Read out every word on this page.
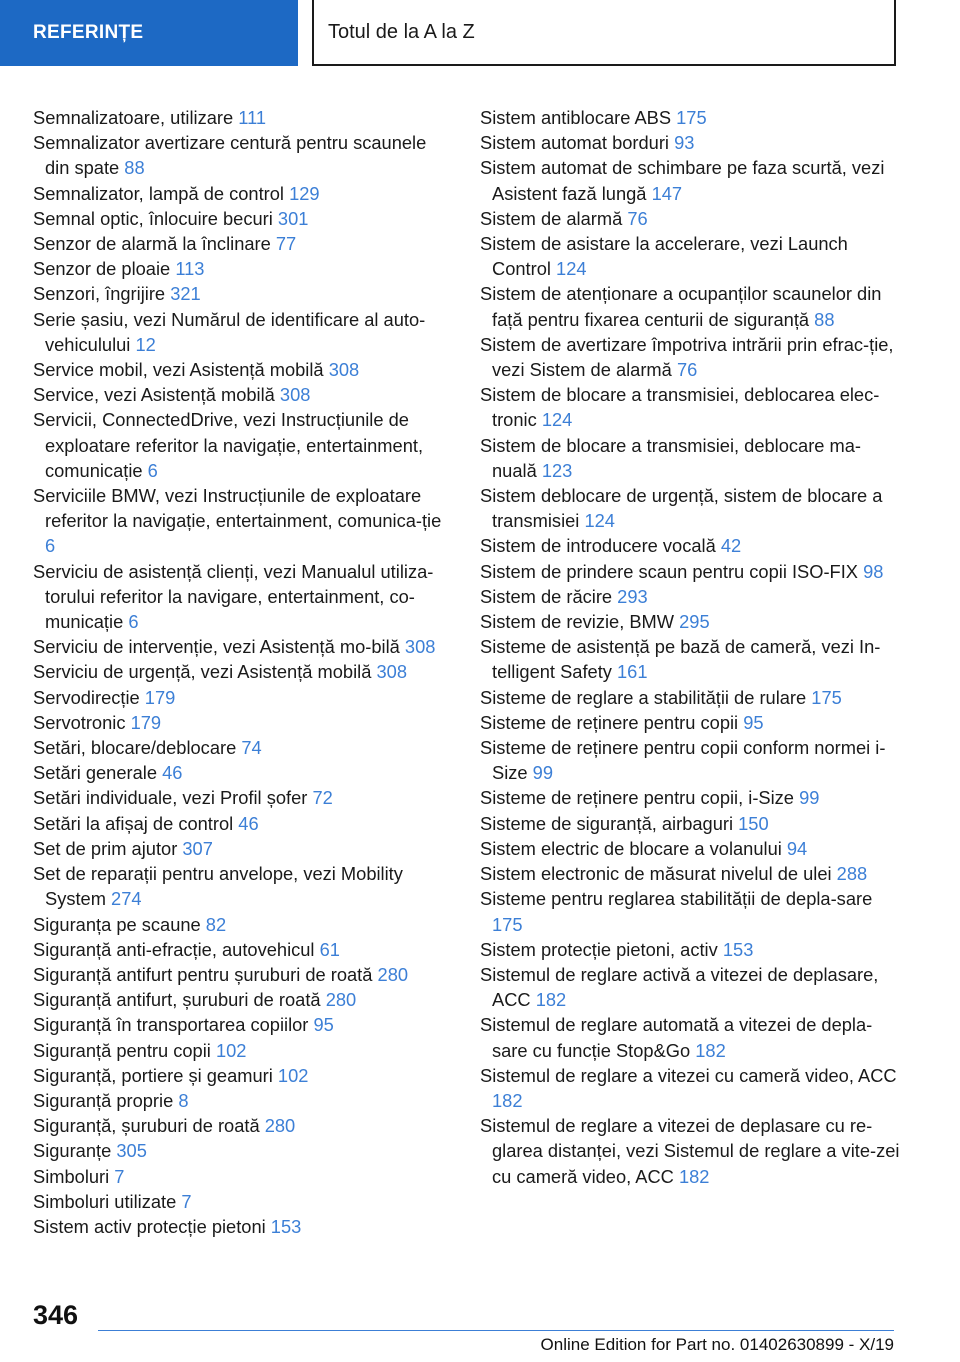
REFERINȚE	Totul de la A la Z

Semnalizatoare, utilizare 111

Semnalizator avertizare centură pentru scaunele din spate 88

Semnalizator, lampă de control 129

Semnal optic, înlocuire becuri 301

Senzor de alarmă la înclinare 77

Senzor de ploaie 113

Senzori, îngrijire 321

Serie șasiu, vezi Numărul de identificare al auto-vehiculului 12

Service mobil, vezi Asistență mobilă 308

Service, vezi Asistență mobilă 308

Servicii, ConnectedDrive, vezi Instrucțiunile de exploatare referitor la navigație, entertainment, comunicație 6

Serviciile BMW, vezi Instrucțiunile de exploatare referitor la navigație, entertainment, comunica-ție 6

Serviciu de asistență clienți, vezi Manualul utiliza-torului referitor la navigare, entertainment, co-municație 6

Serviciu de intervenție, vezi Asistență mo-bilă 308

Serviciu de urgență, vezi Asistență mobilă 308

Servodirecție 179

Servotronic 179

Setări, blocare/deblocare 74

Setări generale 46

Setări individuale, vezi Profil șofer 72

Setări la afișaj de control 46

Set de prim ajutor 307

Set de reparații pentru anvelope, vezi Mobility System 274

Siguranța pe scaune 82

Siguranță anti-efracție, autovehicul 61

Siguranță antifurt pentru șuruburi de roată 280

Siguranță antifurt, șuruburi de roată 280

Siguranță în transportarea copiilor 95

Siguranță pentru copii 102

Siguranță, portiere și geamuri 102

Siguranță proprie 8

Siguranță, șuruburi de roată 280

Siguranțe 305

Simboluri 7

Simboluri utilizate 7

Sistem activ protecție pietoni 153

Sistem antiblocare ABS 175

Sistem automat borduri 93

Sistem automat de schimbare pe faza scurtă, vezi Asistent fază lungă 147

Sistem de alarmă 76

Sistem de asistare la accelerare, vezi Launch Control 124

Sistem de atenționare a ocupanților scaunelor din față pentru fixarea centurii de siguranță 88

Sistem de avertizare împotriva intrării prin efrac-ție, vezi Sistem de alarmă 76

Sistem de blocare a transmisiei, deblocarea elec-tronic 124

Sistem de blocare a transmisiei, deblocare ma-nuală 123

Sistem deblocare de urgență, sistem de blocare a transmisiei 124

Sistem de introducere vocală 42

Sistem de prindere scaun pentru copii ISO-FIX 98

Sistem de răcire 293

Sistem de revizie, BMW 295

Sisteme de asistență pe bază de cameră, vezi In-telligent Safety 161

Sisteme de reglare a stabilității de rulare 175

Sisteme de reținere pentru copii 95

Sisteme de reținere pentru copii conform normei i-Size 99

Sisteme de reținere pentru copii, i-Size 99

Sisteme de siguranță, airbaguri 150

Sistem electric de blocare a volanului 94

Sistem electronic de măsurat nivelul de ulei 288

Sisteme pentru reglarea stabilității de depla-sare 175

Sistem protecție pietoni, activ 153

Sistemul de reglare activă a vitezei de deplasare, ACC 182

Sistemul de reglare automată a vitezei de depla-sare cu funcție Stop&Go 182

Sistemul de reglare a vitezei cu cameră video, ACC 182

Sistemul de reglare a vitezei de deplasare cu re-glarea distanței, vezi Sistemul de reglare a vite-zei cu cameră video, ACC 182

346
Online Edition for Part no. 01402630899 - X/19
